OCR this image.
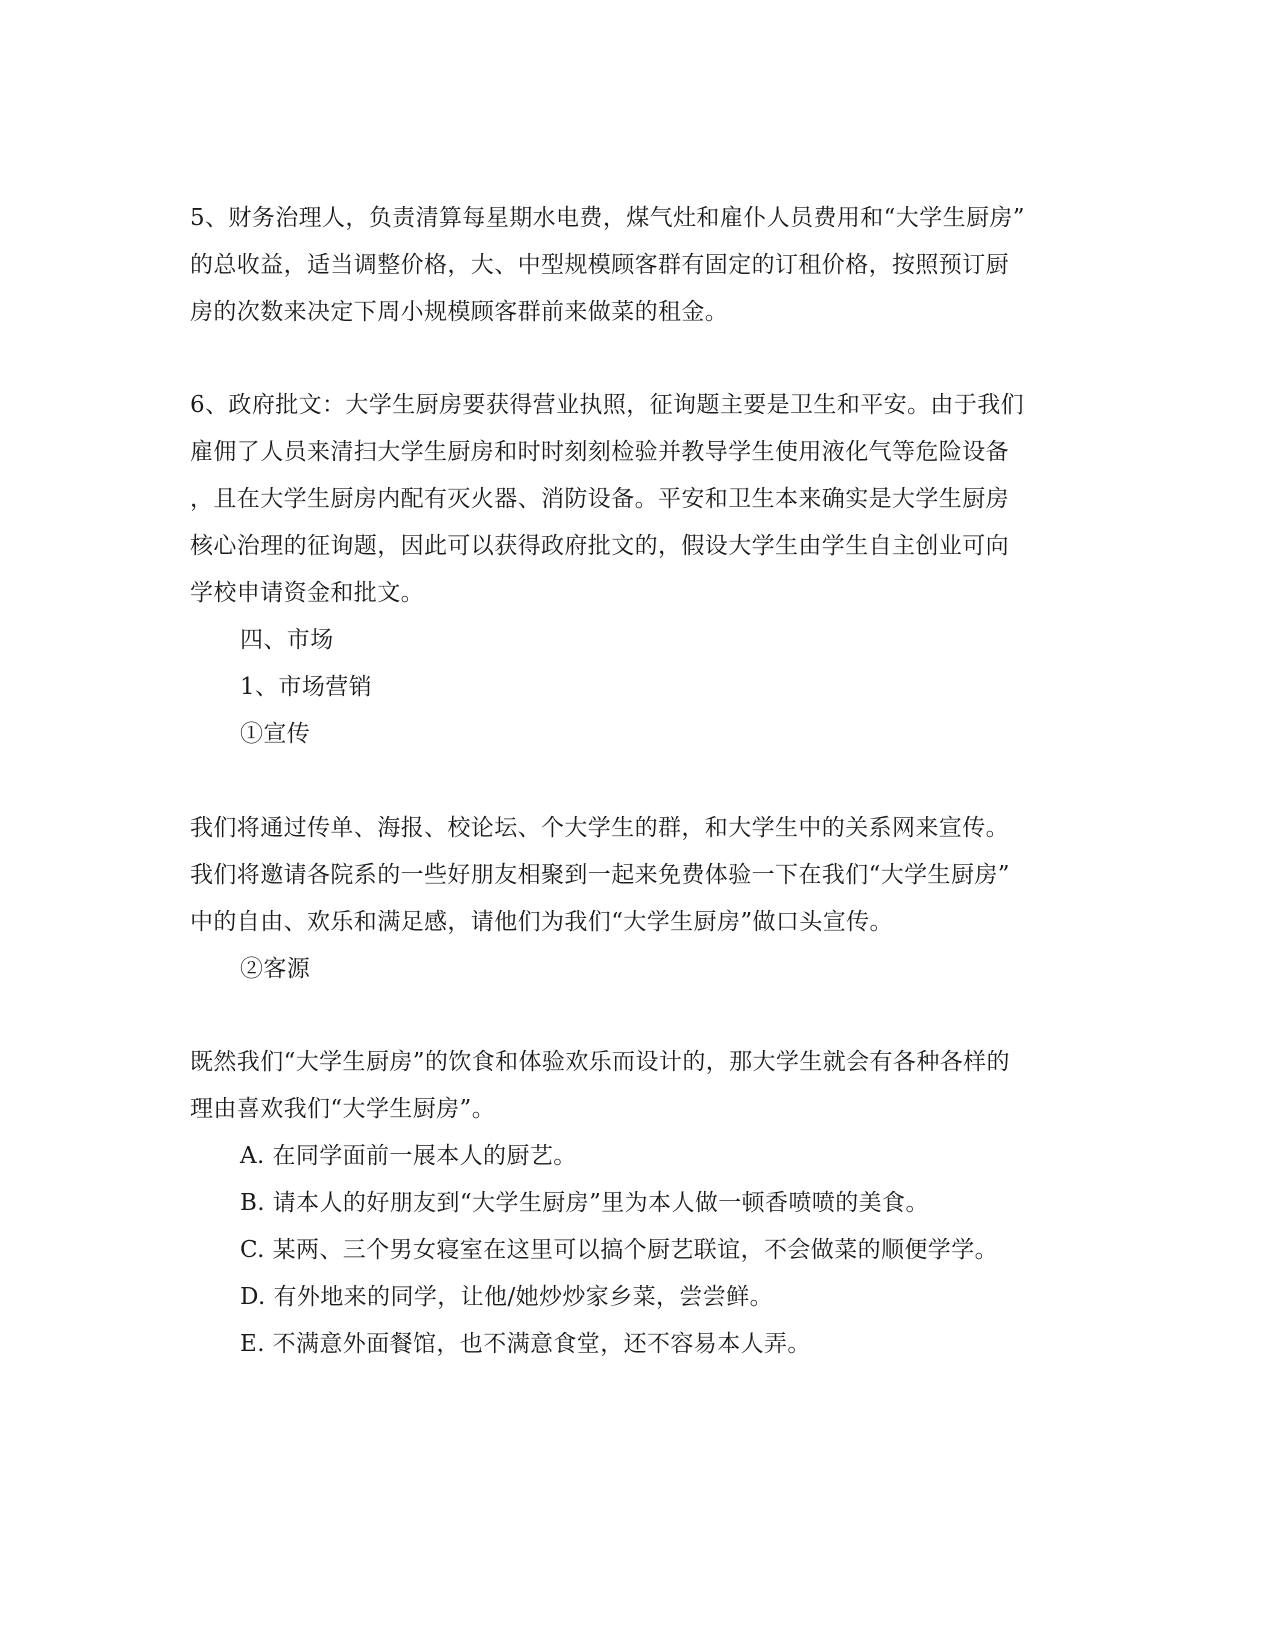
5、财务治理人，负责清算每星期水电费，煤气灶和雇仆人员费用和“大学生厨房”
的总收益，适当调整价格，大、中型规模顾客群有固定的订租价格，按照预订厨
房的次数来决定下周小规模顾客群前来做菜的租金。
6、政府批文：大学生厨房要获得营业执照，征询题主要是卫生和平安。由于我们
雇佣了人员来清扫大学生厨房和时时刻刻检验并教导学生使用液化气等危险设备
，且在大学生厨房内配有灭火器、消防设备。平安和卫生本来确实是大学生厨房
核心治理的征询题，因此可以获得政府批文的，假设大学生由学生自主创业可向
学校申请资金和批文。
四、市场
1、市场营销
①宣传
我们将通过传单、海报、校论坛、个大学生的群，和大学生中的关系网来宣传。
我们将邀请各院系的一些好朋友相聚到一起来免费体验一下在我们“大学生厨房”
中的自由、欢乐和满足感，请他们为我们“大学生厨房”做口头宣传。
②客源
既然我们“大学生厨房”的饮食和体验欢乐而设计的，那大学生就会有各种各样的
理由喜欢我们“大学生厨房”。
A. 在同学面前一展本人的厨艺。
B. 请本人的好朋友到“大学生厨房”里为本人做一顿香喷喷的美食。
C. 某两、三个男女寝室在这里可以搞个厨艺联谊，不会做菜的顺便学学。
D. 有外地来的同学，让他/她炒炒家乡菜，尝尝鲜。
E. 不满意外面餐馆，也不满意食堂，还不容易本人弄。
